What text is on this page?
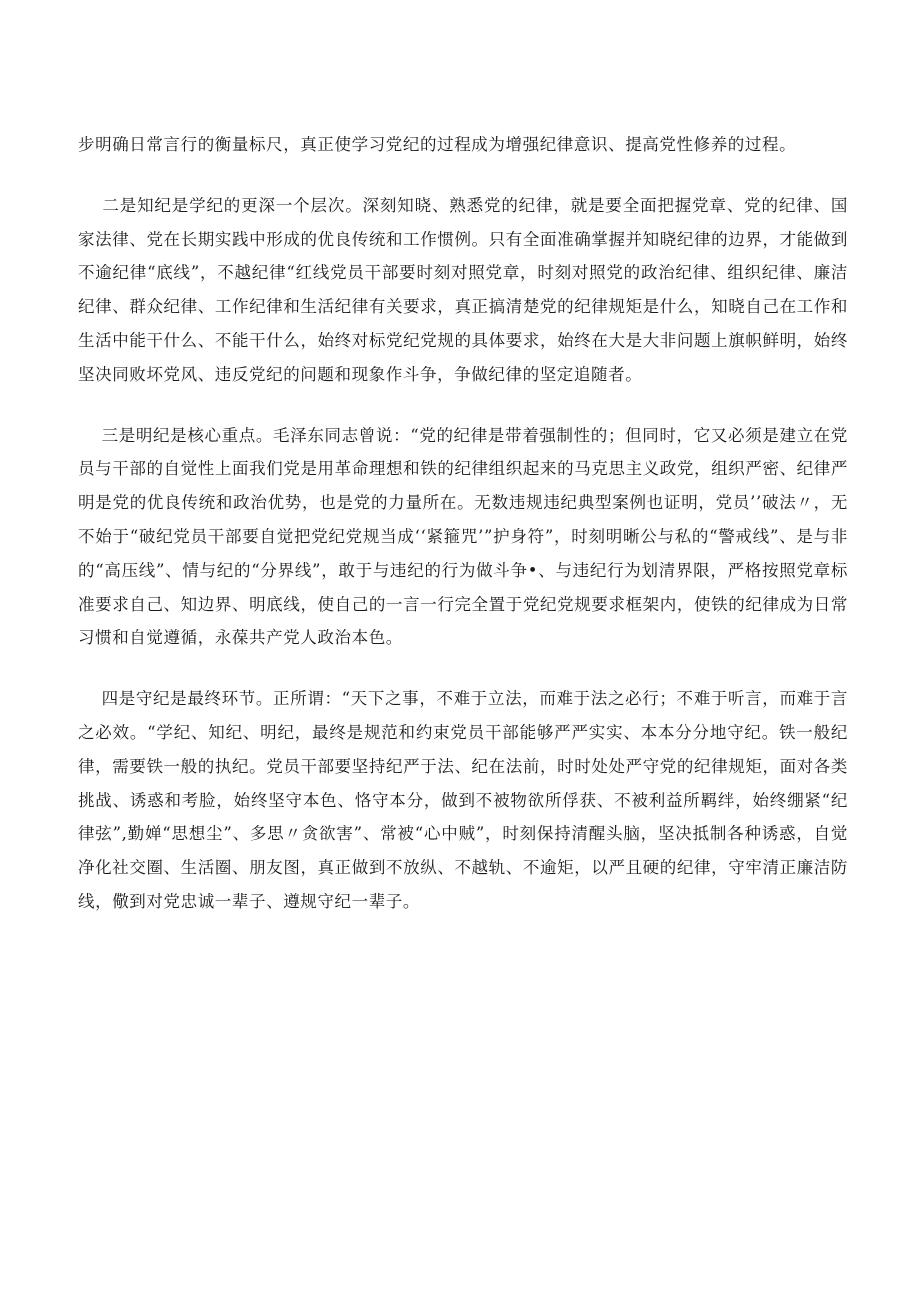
步明确日常言行的衡量标尺，真正使学习党纪的过程成为增强纪律意识、提高党性修养的过程。

二是知纪是学纪的更深一个层次。深刻知晓、熟悉党的纪律，就是要全面把握党章、党的纪律、国家法律、党在长期实践中形成的优良传统和工作惯例。只有全面准确掌握并知晓纪律的边界，才能做到不逾纪律“底线”，不越纪律“红线党员干部要时刻对照党章，时刻对照党的政治纪律、组织纪律、廉洁纪律、群众纪律、工作纪律和生活纪律有关要求，真正搞清楚党的纪律规矩是什么，知晓自己在工作和生活中能干什么、不能干什么，始终对标党纪党规的具体要求，始终在大是大非问题上旗帜鲜明，始终坚决同败坏党风、违反党纪的问题和现象作斗争，争做纪律的坚定追随者。

三是明纪是核心重点。毛泽东同志曾说：“党的纪律是带着强制性的；但同时，它又必须是建立在党员与干部的自觉性上面我们党是用革命理想和铁的纪律组织起来的马克思主义政党，组织严密、纪律严明是党的优良传统和政治优势，也是党的力量所在。无数违规违纪典型案例也证明，党员’’破法〃，无不始于“破纪党员干部要自觉把党纪党规当成‘‘紧箍咒’”护身符”，时刻明晰公与私的“警戒线”、是与非的“高压线”、情与纪的“分界线”，敢于与违纪的行为做斗争•、与违纪行为划清界限，严格按照党章标准要求自己、知边界、明底线，使自己的一言一行完全置于党纪党规要求框架内，使铁的纪律成为日常习惯和自觉遵循，永葆共产党人政治本色。

四是守纪是最终环节。正所谓：“天下之事，不难于立法，而难于法之必行；不难于听言，而难于言之必效。“学纪、知纪、明纪，最终是规范和约束党员干部能够严严实实、本本分分地守纪。铁一般纪律，需要铁一般的执纪。党员干部要坚持纪严于法、纪在法前，时时处处严守党的纪律规矩，面对各类挑战、诱惑和考脸，始终坚守本色、恪守本分，做到不被物欲所俘获、不被利益所羁绊，始终绷紧“纪律弦”,勤婵“思想尘”、多思〃贪欲害”、常被“心中贼”，时刻保持清醒头脑，坚决抵制各种诱惑，自觉净化社交圈、生活圈、朋友图，真正做到不放纵、不越轨、不逾矩，以严且硬的纪律，守牢清正廉洁防线，儆到对党忠诚一辈子、遵规守纪一辈子。
